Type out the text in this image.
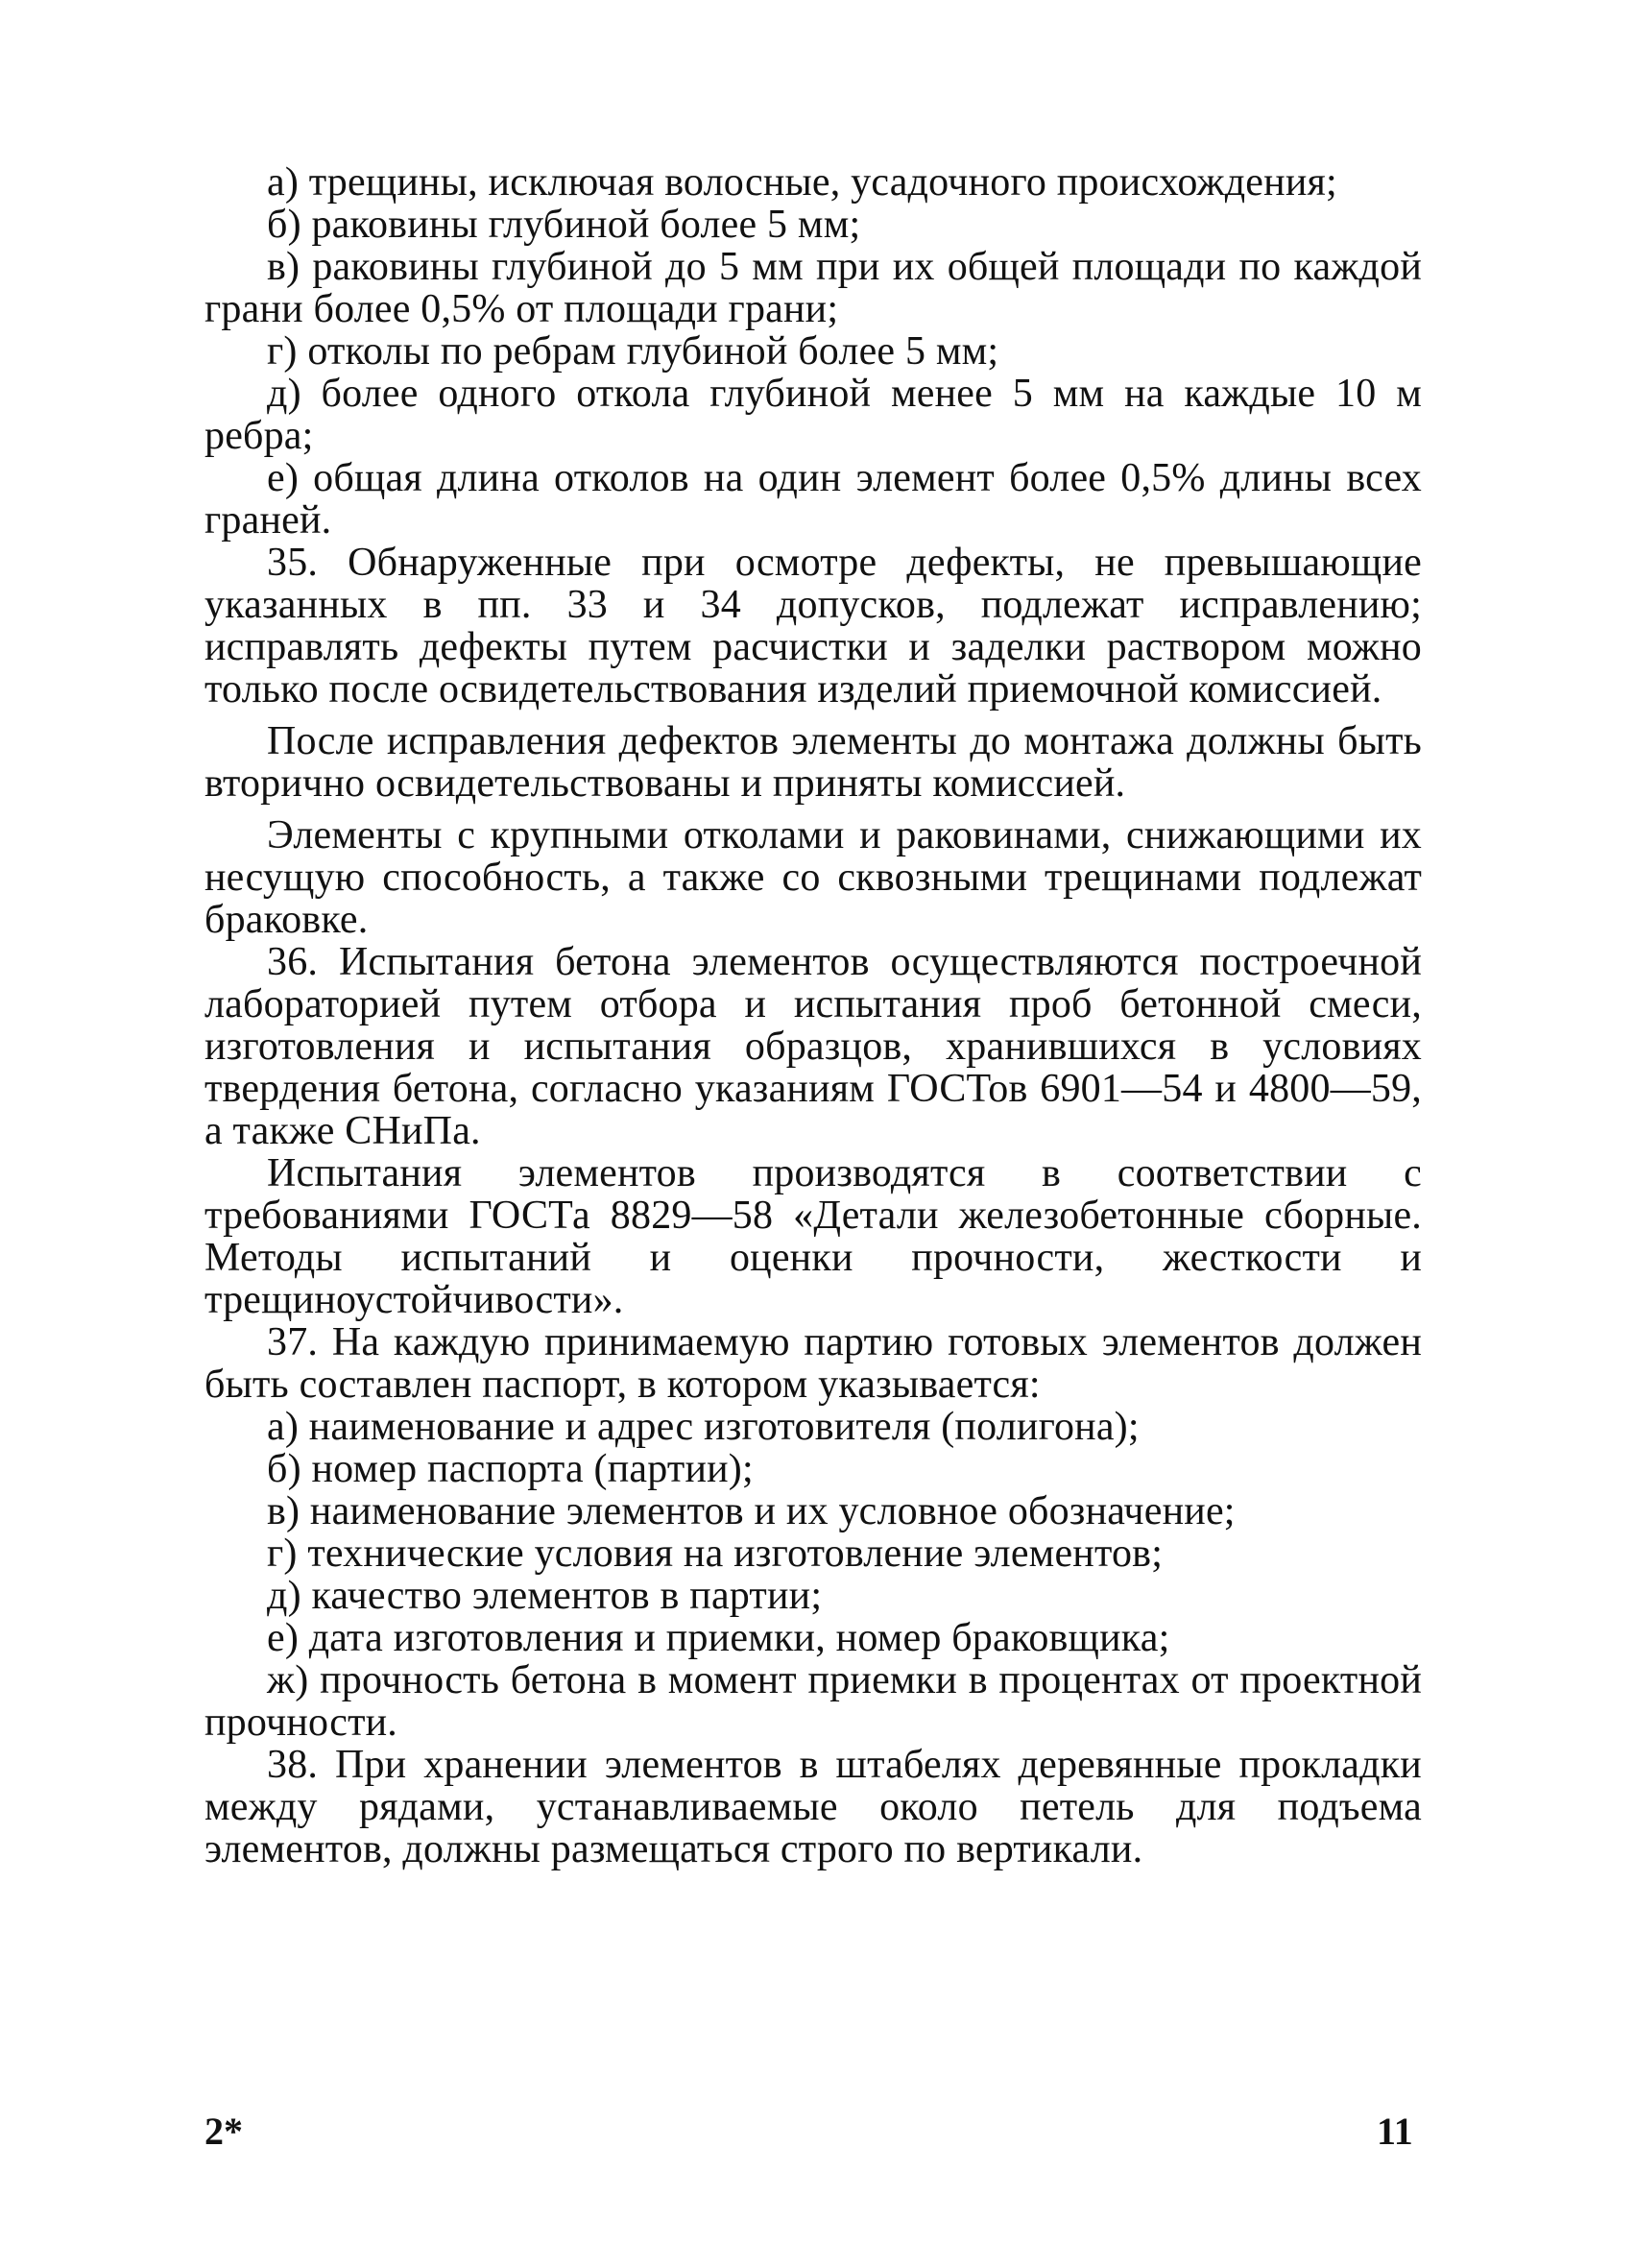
а) трещины, исключая волосные, усадочного происхождения;

б) раковины глубиной более 5 мм;

в) раковины глубиной до 5 мм при их общей площади по каждой грани более 0,5% от площади грани;

г) отколы по ребрам глубиной более 5 мм;

д) более одного откола глубиной менее 5 мм на каждые 10 м ребра;

е) общая длина отколов на один элемент более 0,5% длины всех граней.

35. Обнаруженные при осмотре дефекты, не превышающие указанных в пп. 33 и 34 допусков, подлежат исправлению; исправлять дефекты путем расчистки и заделки раствором можно только после освидетельствования изделий приемочной комиссией.

После исправления дефектов элементы до монтажа должны быть вторично освидетельствованы и приняты комиссией.

Элементы с крупными отколами и раковинами, снижающими их несущую способность, а также со сквозными трещинами подлежат браковке.

36. Испытания бетона элементов осуществляются построечной лабораторией путем отбора и испытания проб бетонной смеси, изготовления и испытания образцов, хранившихся в условиях твердения бетона, согласно указаниям ГОСТов 6901—54 и 4800—59, а также СНиПа.

Испытания элементов производятся в соответствии с требованиями ГОСТа 8829—58 «Детали железобетонные сборные. Методы испытаний и оценки прочности, жесткости и трещиноустойчивости».

37. На каждую принимаемую партию готовых элементов должен быть составлен паспорт, в котором указывается:

а) наименование и адрес изготовителя (полигона);

б) номер паспорта (партии);

в) наименование элементов и их условное обозначение;

г) технические условия на изготовление элементов;

д) качество элементов в партии;

е) дата изготовления и приемки, номер браковщика;

ж) прочность бетона в момент приемки в процентах от проектной прочности.

38. При хранении элементов в штабелях деревянные прокладки между рядами, устанавливаемые около петель для подъема элементов, должны размещаться строго по вертикали.

2*	11
